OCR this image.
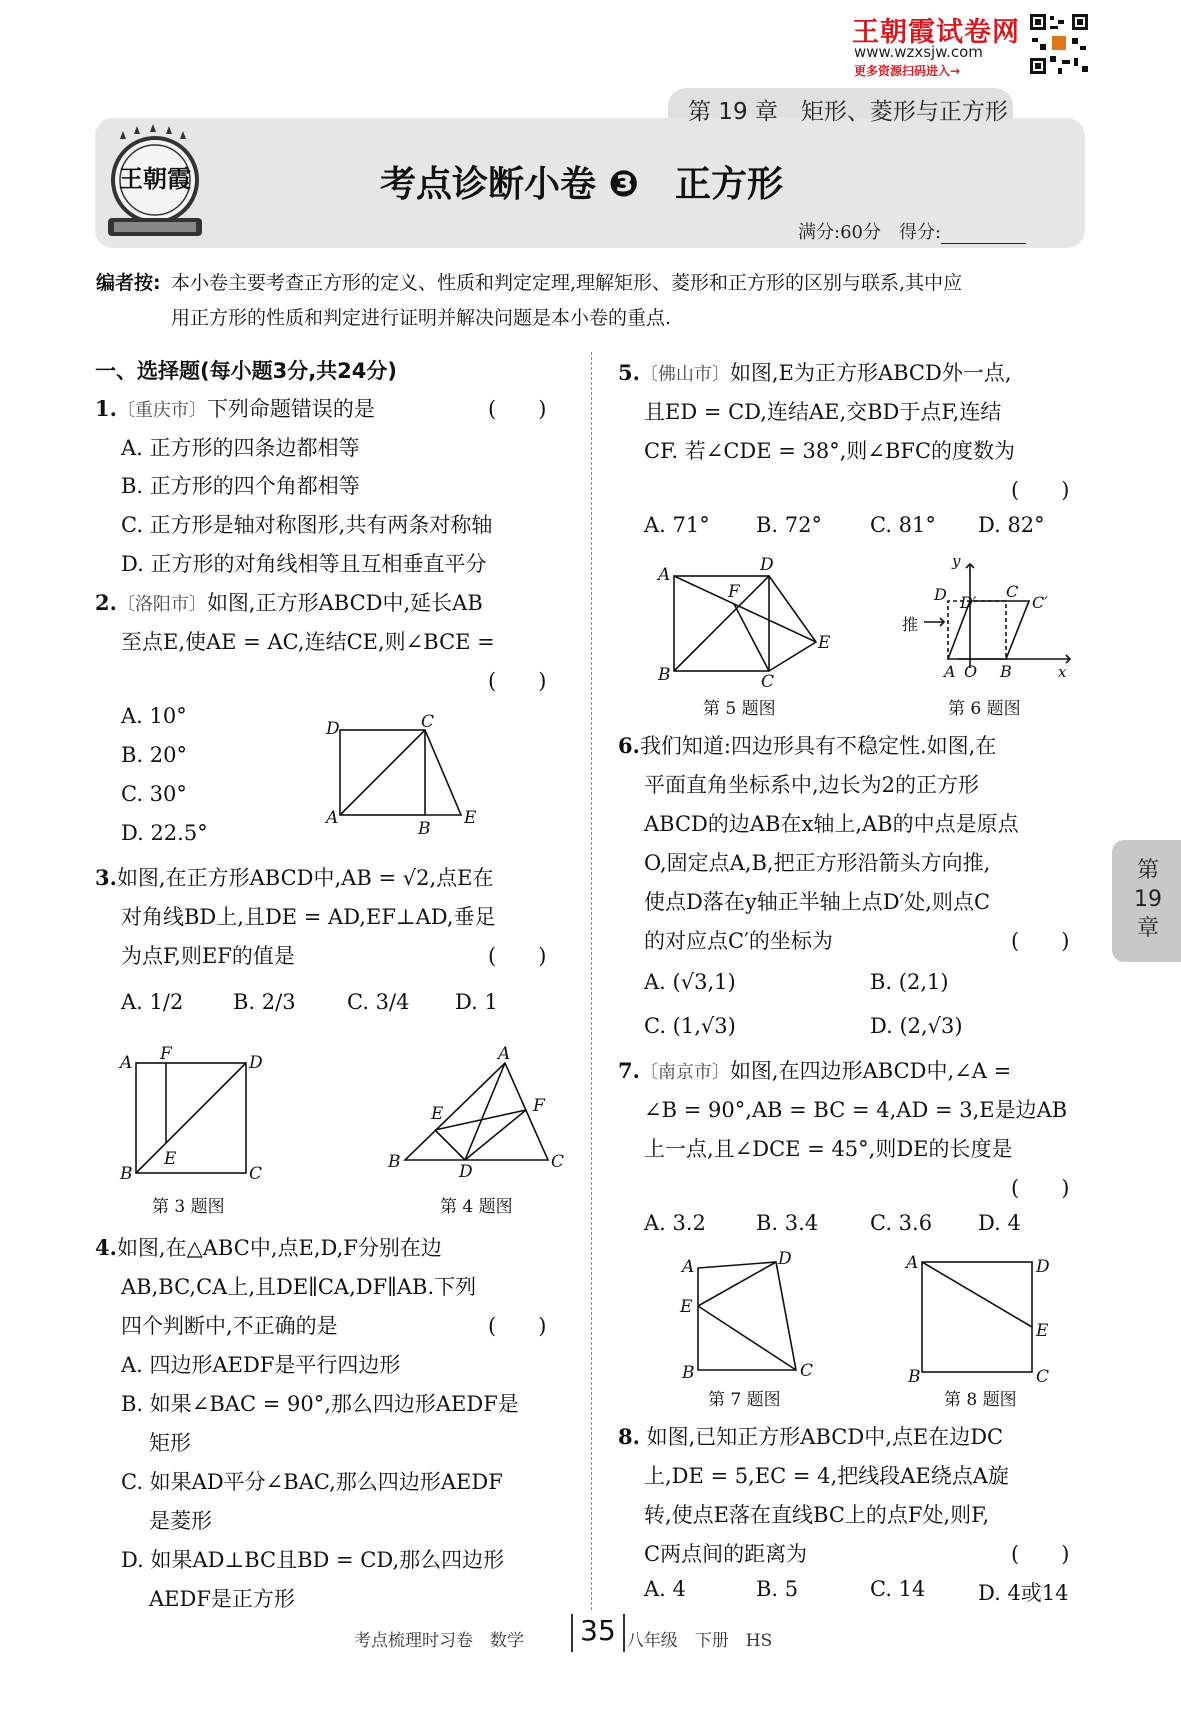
王朝霞试卷网
www.wzxsjw.com
更多资源扫码进入→
第 19 章　矩形、菱形与正方形
王朝霞	考点诊断小卷 ❸　正方形
满分:60分　得分:
编者按: 本小卷主要考查正方形的定义、性质和判定定理,理解矩形、菱形和正方形的区别与联系,其中应
用正方形的性质和判定进行证明并解决问题是本小卷的重点.
一、选择题(每小题3分,共24分)
1.〔重庆市〕下列命题错误的是	(　　)
A. 正方形的四条边都相等
B. 正方形的四个角都相等
C. 正方形是轴对称图形,共有两条对称轴
D. 正方形的对角线相等且互相垂直平分
2.〔洛阳市〕如图,正方形ABCD中,延长AB
至点E,使AE = AC,连结CE,则∠BCE =
(　　)
A. 10°
B. 20°
C. 30°
D. 22.5°
3.如图,在正方形ABCD中,AB = √2,点E在
对角线BD上,且DE = AD,EF⊥AD,垂足
为点F,则EF的值是	(　　)
A. 1/2 B. 2/3 C. 3/4 D. 1
第 3 题图	第 4 题图
4.如图,在△ABC中,点E,D,F分别在边
AB,BC,CA上,且DE∥CA,DF∥AB.下列
四个判断中,不正确的是	(　　)
A. 四边形AEDF是平行四边形
B. 如果∠BAC = 90°,那么四边形AEDF是
矩形
C. 如果AD平分∠BAC,那么四边形AEDF
是菱形
D. 如果AD⊥BC且BD = CD,那么四边形
AEDF是正方形
D	C
A
B
E
A F	D
B
E
C
A
F
E
B	D	C
5.〔佛山市〕如图,E为正方形ABCD外一点,
且ED = CD,连结AE,交BD于点F,连结
CF. 若∠CDE = 38°,则∠BFC的度数为
(　　)
A. 71° B. 72° C. 81° D. 82°
第 5 题图	第 6 题图
6.我们知道:四边形具有不稳定性.如图,在
平面直角坐标系中,边长为2的正方形
ABCD的边AB在x轴上,AB的中点是原点
O,固定点A,B,把正方形沿箭头方向推,
使点D落在y轴正半轴上点D′处,则点C
的对应点C′的坐标为	(　　)
A. (√3,1)	B. (2,1)
C. (1,√3)	D. (2,√3)
7.〔南京市〕如图,在四边形ABCD中,∠A =
∠B = 90°,AB = BC = 4,AD = 3,E是边AB
上一点,且∠DCE = 45°,则DE的长度是
(　　)
A. 3.2 B. 3.4 C. 3.6 D. 4
第 7 题图	第 8 题图
8. 如图,已知正方形ABCD中,点E在边DC
上,DE = 5,EC = 4,把线段AE绕点A旋
转,使点E落在直线BC上的点F处,则F,
C两点间的距离为	(　　)
A. 4	B. 5	C. 14	D. 4或14
A	D
F
E
B	C
y
D D′
C
C′
A O B	x
推
A	D
E
B	C
A	D
E
B	C
第
19
章
考点梳理时习卷　数学	八年级　下册　HS
35
